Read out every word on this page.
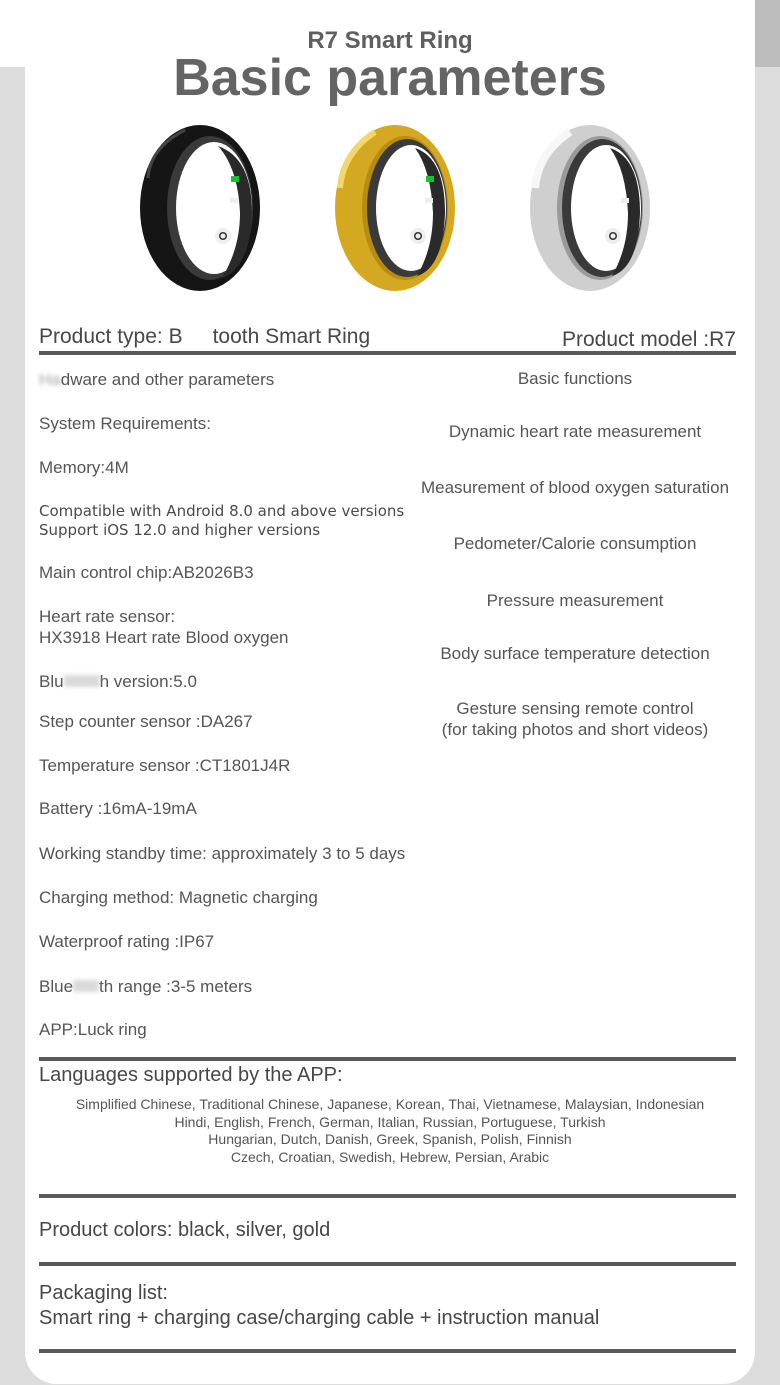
R7 Smart Ring
Basic parameters
Product type: B tooth Smart Ring	Product model :R7
Hadware and other parameters
System Requirements:
Memory:4M
Compatible with Android 8.0 and above versions
Support iOS 12.0 and higher versions
Main control chip:AB2026B3
Heart rate sensor:
HX3918 Heart rate Blood oxygen
Blu h version:5.0
Step counter sensor :DA267
Temperature sensor :CT1801J4R
Battery :16mA-19mA
Working standby time: approximately 3 to 5 days
Charging method: Magnetic charging
Waterproof rating :IP67
Blue th range :3-5 meters
APP:Luck ring
Basic functions
Dynamic heart rate measurement
Measurement of blood oxygen saturation
Pedometer/Calorie consumption
Pressure measurement
Body surface temperature detection
Gesture sensing remote control
(for taking photos and short videos)
Languages supported by the APP:
Simplified Chinese, Traditional Chinese, Japanese, Korean, Thai, Vietnamese, Malaysian, Indonesian
Hindi, English, French, German, Italian, Russian, Portuguese, Turkish
Hungarian, Dutch, Danish, Greek, Spanish, Polish, Finnish
Czech, Croatian, Swedish, Hebrew, Persian, Arabic
Product colors: black, silver, gold
Packaging list:
Smart ring + charging case/charging cable + instruction manual
